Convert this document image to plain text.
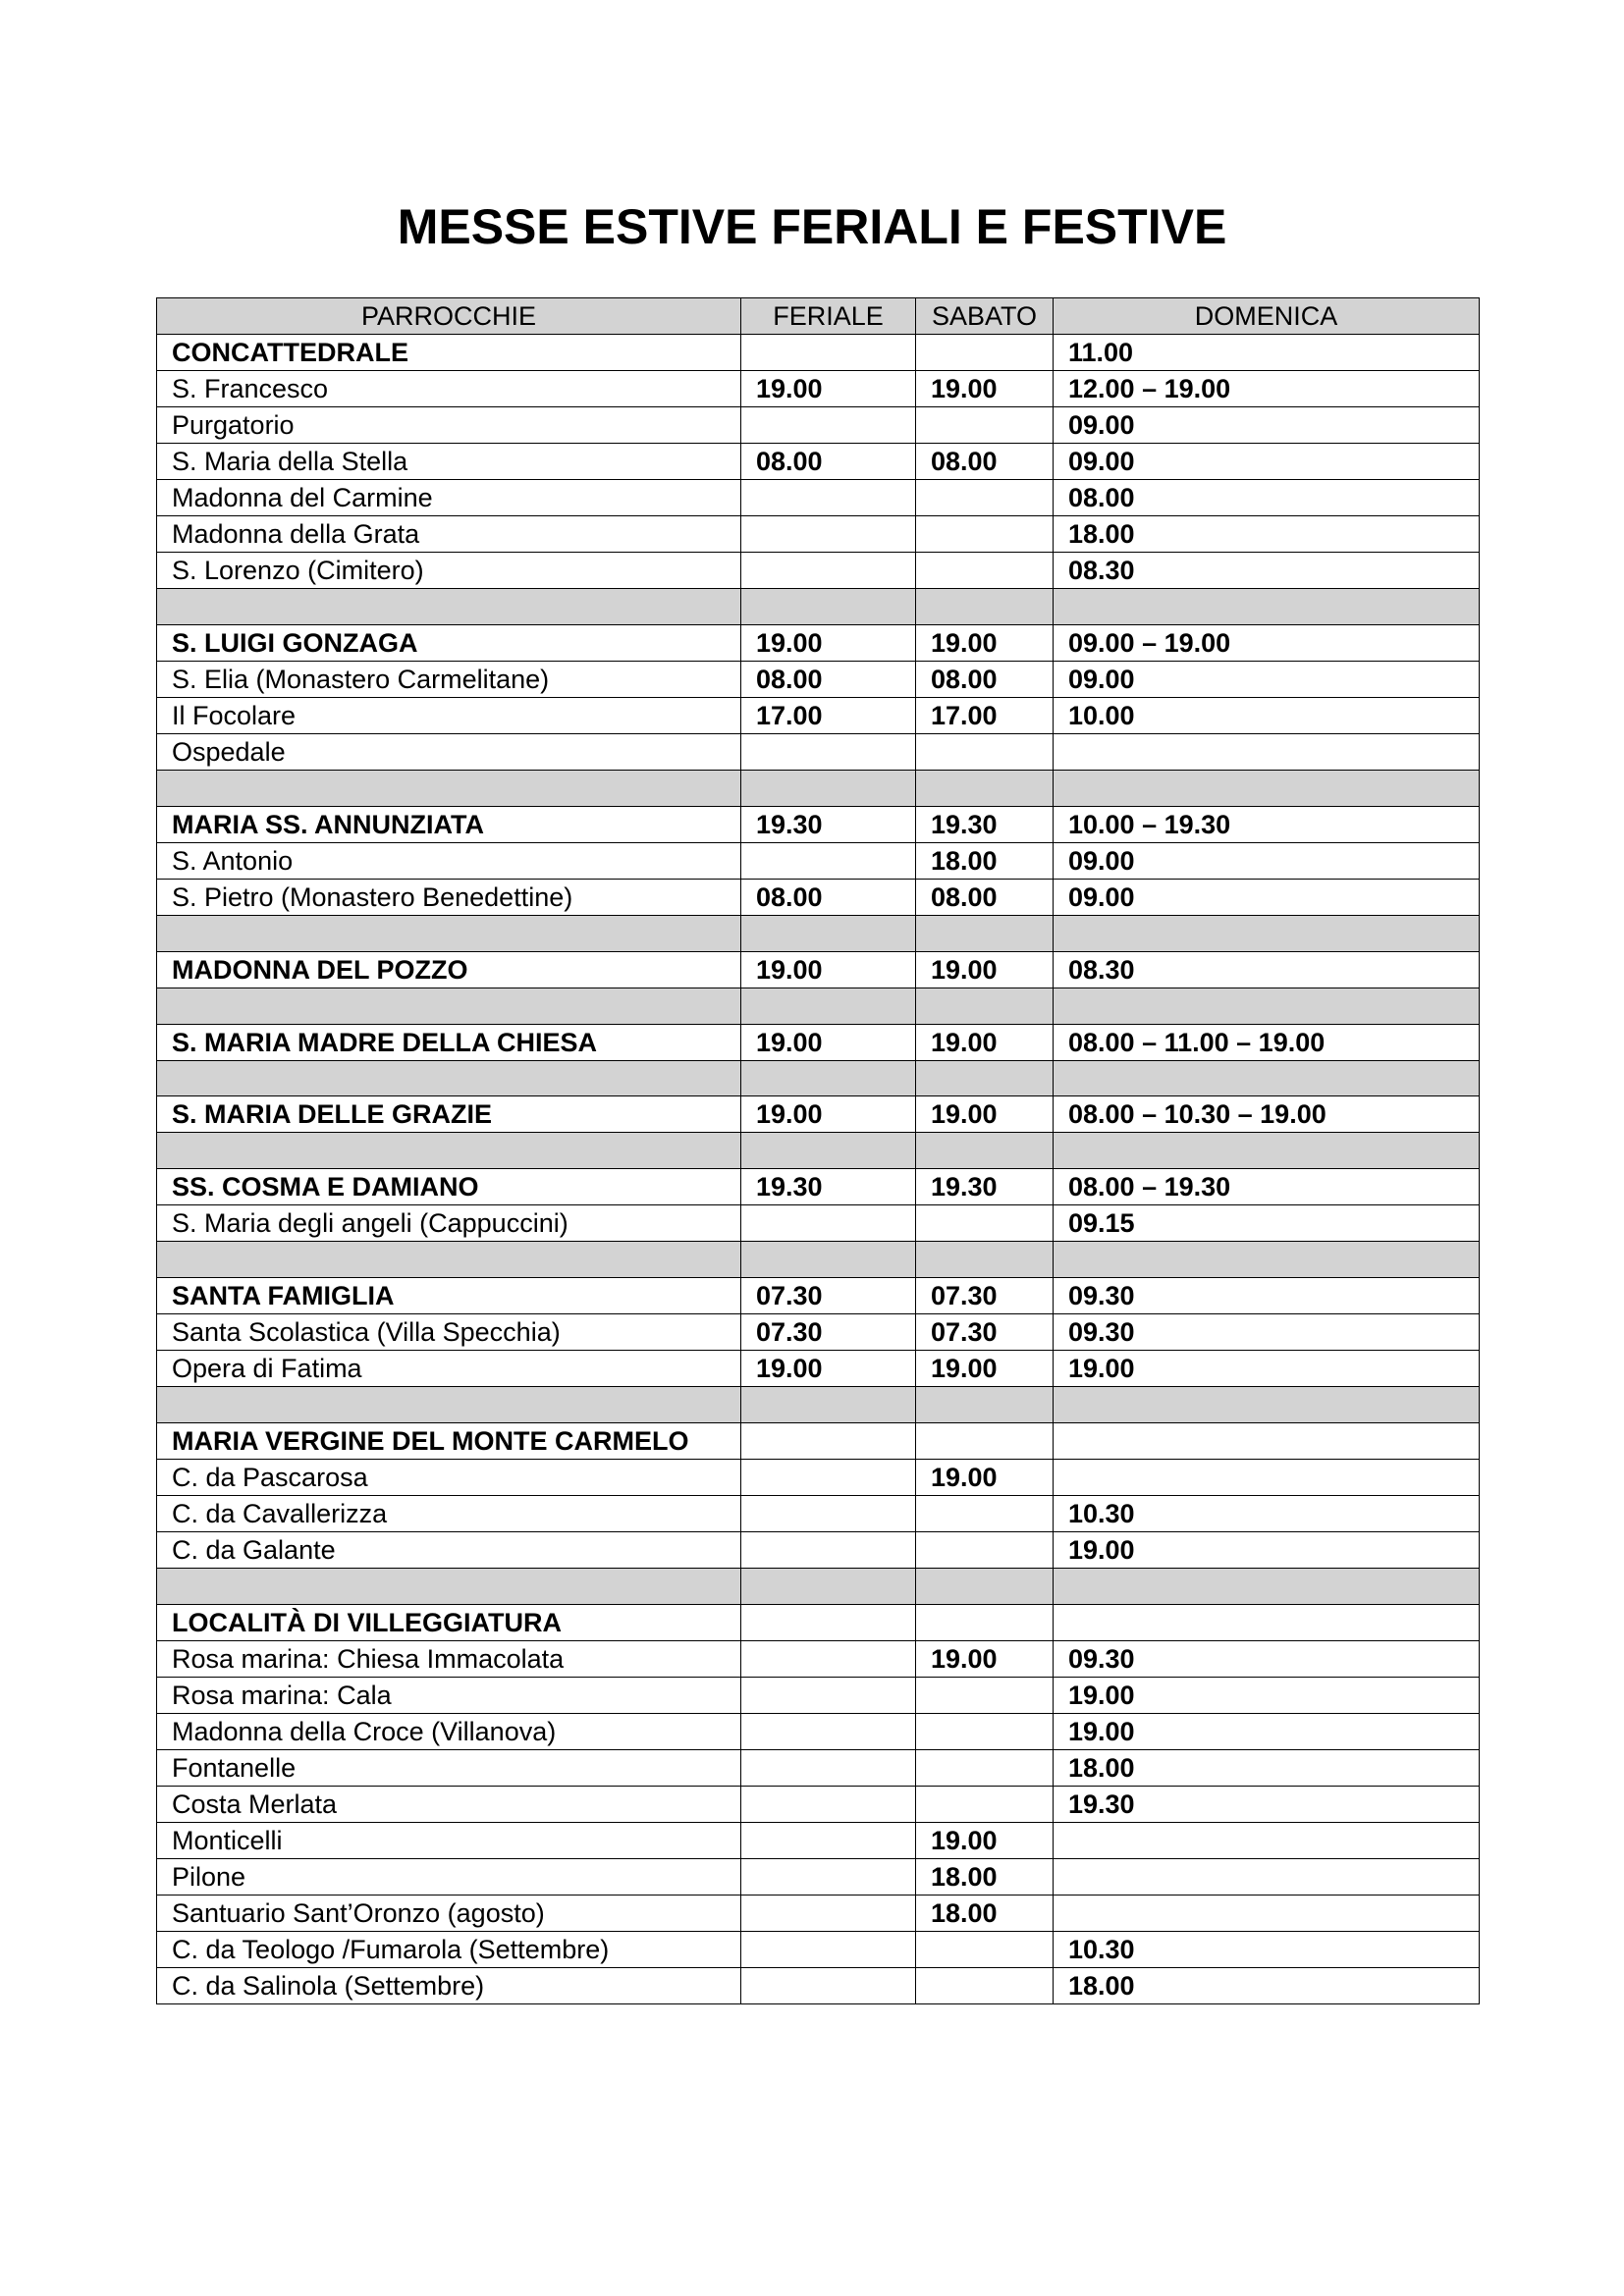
MESSE ESTIVE FERIALI E FESTIVE
PARROCCHIE	FERIALE	SABATO	DOMENICA
CONCATTEDRALE			11.00
S. Francesco	19.00	19.00	12.00 – 19.00
Purgatorio			09.00
S. Maria della Stella	08.00	08.00	09.00
Madonna del Carmine			08.00
Madonna della Grata			18.00
S. Lorenzo (Cimitero)			08.30

S. LUIGI GONZAGA	19.00	19.00	09.00 – 19.00
S. Elia (Monastero Carmelitane)	08.00	08.00	09.00
Il Focolare	17.00	17.00	10.00
Ospedale			

MARIA SS. ANNUNZIATA	19.30	19.30	10.00 – 19.30
S. Antonio		18.00	09.00
S. Pietro (Monastero Benedettine)	08.00	08.00	09.00

MADONNA DEL POZZO	19.00	19.00	08.30

S. MARIA MADRE DELLA CHIESA	19.00	19.00	08.00 – 11.00 – 19.00

S. MARIA DELLE GRAZIE	19.00	19.00	08.00 – 10.30 – 19.00

SS. COSMA E DAMIANO	19.30	19.30	08.00 – 19.30
S. Maria degli angeli (Cappuccini)			09.15

SANTA FAMIGLIA	07.30	07.30	09.30
Santa Scolastica (Villa Specchia)	07.30	07.30	09.30
Opera di Fatima	19.00	19.00	19.00

MARIA VERGINE DEL MONTE CARMELO			
C. da Pascarosa		19.00	
C. da Cavallerizza			10.30
C. da Galante			19.00

LOCALITÀ DI VILLEGGIATURA			
Rosa marina: Chiesa Immacolata		19.00	09.30
Rosa marina: Cala			19.00
Madonna della Croce (Villanova)			19.00
Fontanelle			18.00
Costa Merlata			19.30
Monticelli		19.00	
Pilone		18.00	
Santuario Sant’Oronzo (agosto)		18.00	
C. da Teologo /Fumarola (Settembre)			10.30
C. da Salinola (Settembre)			18.00
